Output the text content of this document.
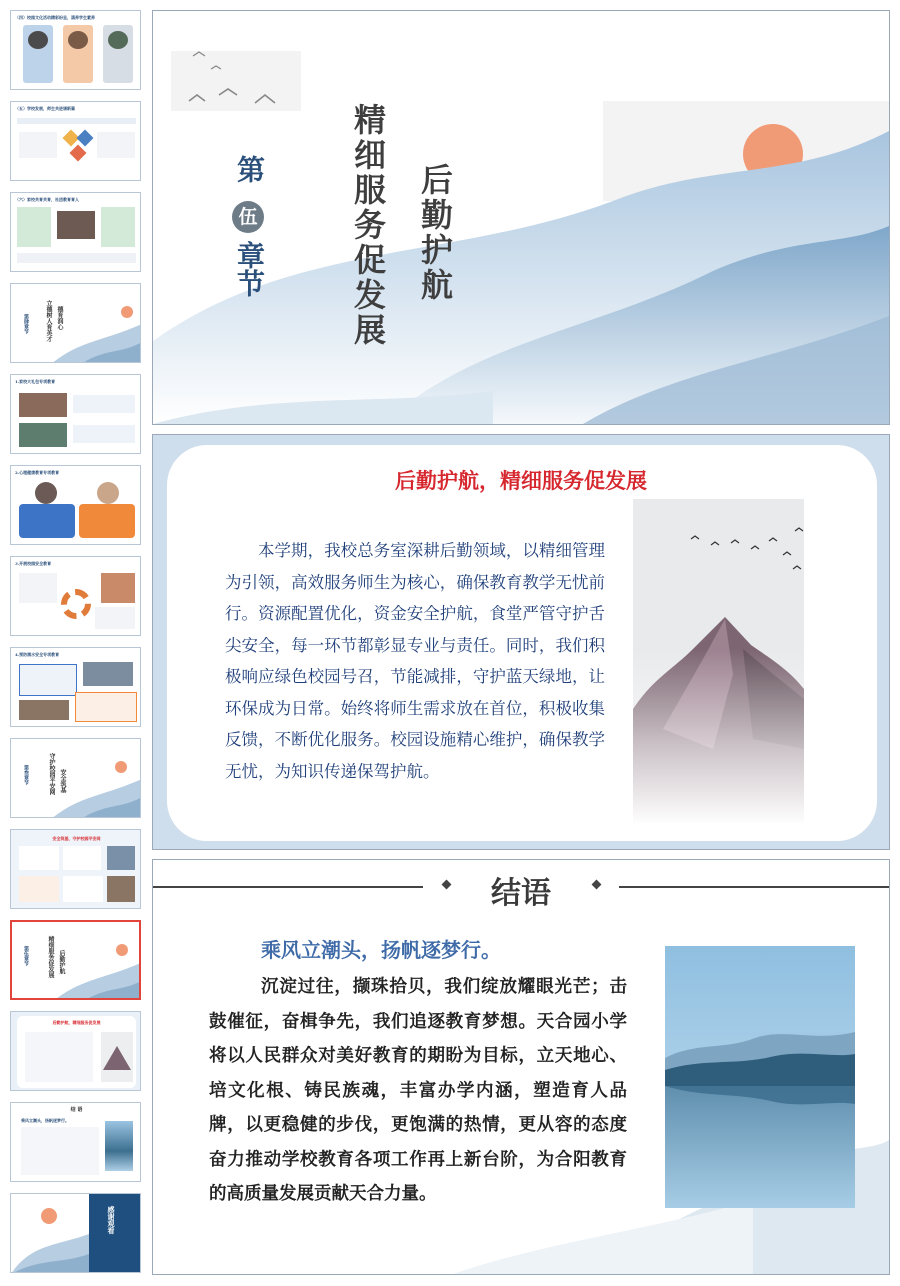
（四）校园文化活动精彩纷呈，涵养学生素养
（五）学校发展，师生共进谱新篇
（六）家校共育共育，社团教育育人
第肆章节	立德树人育英才 德育润心
1.家校大礼包专项教育
2.心理健康教育专项教育
3.开展校园安全教育
4.预防溺水安全专项教育
第叁章节	守护校园平安网 安全筑基
安全筑基，守护校园平安网
第伍章节	精细服务促发展 后勤护航
后勤护航，精细服务促发展
结 语
乘风立潮头，扬帆逐梦行。
感谢观看
第
伍
章节	精细服务促发展 后勤护航
后勤护航，精细服务促发展
本学期，我校总务室深耕后勤领域，以精细管理为引领，高效服务师生为核心，确保教育教学无忧前行。资源配置优化，资金安全护航，食堂严管守护舌尖安全，每一环节都彰显专业与责任。同时，我们积极响应绿色校园号召，节能减排，守护蓝天绿地，让环保成为日常。始终将师生需求放在首位，积极收集反馈，不断优化服务。校园设施精心维护，确保教学无忧，为知识传递保驾护航。
结语
乘风立潮头，扬帆逐梦行。
沉淀过往，撷珠拾贝，我们绽放耀眼光芒；击鼓催征，奋楫争先，我们追逐教育梦想。天合园小学将以人民群众对美好教育的期盼为目标，立天地心、培文化根、铸民族魂，丰富办学内涵，塑造育人品牌，以更稳健的步伐，更饱满的热情，更从容的态度奋力推动学校教育各项工作再上新台阶，为合阳教育的高质量发展贡献天合力量。
